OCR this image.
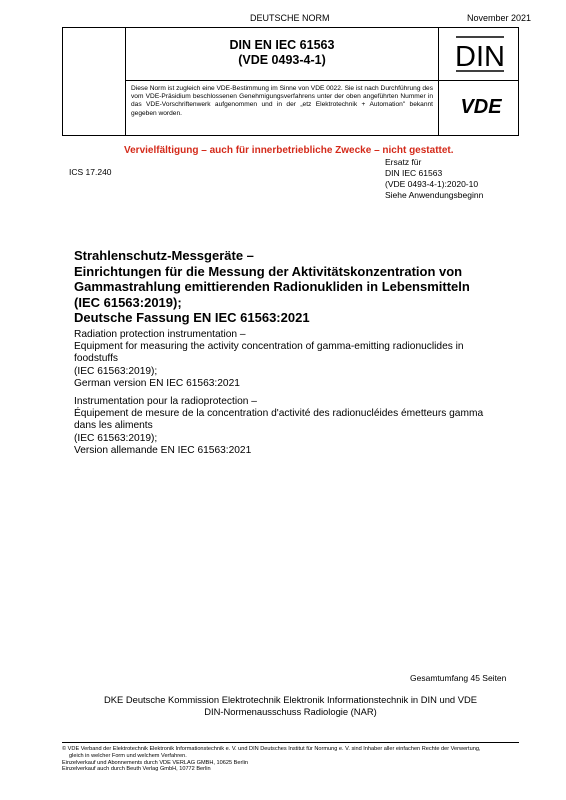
DEUTSCHE NORM	November 2021
DIN EN IEC 61563
(VDE 0493-4-1)	DIN
Diese Norm ist zugleich eine VDE-Bestimmung im Sinne von VDE 0022. Sie ist nach Durchführung des vom VDE-Präsidium beschlossenen Genehmigungsverfahrens unter der oben angeführten Nummer in das VDE-Vorschriftenwerk aufgenommen und in der „etz Elektrotechnik + Automation" bekannt gegeben worden.	VDE
Vervielfältigung – auch für innerbetriebliche Zwecke – nicht gestattet.
ICS 17.240
Ersatz für
DIN IEC 61563
(VDE 0493-4-1):2020-10
Siehe Anwendungsbeginn
Strahlenschutz-Messgeräte –
Einrichtungen für die Messung der Aktivitätskonzentration von
Gammastrahlung emittierenden Radionukliden in Lebensmitteln
(IEC 61563:2019);
Deutsche Fassung EN IEC 61563:2021
Radiation protection instrumentation –
Equipment for measuring the activity concentration of gamma-emitting radionuclides in
foodstuffs
(IEC 61563:2019);
German version EN IEC 61563:2021
Instrumentation pour la radioprotection –
Équipement de mesure de la concentration d'activité des radionucléides émetteurs gamma
dans les aliments
(IEC 61563:2019);
Version allemande EN IEC 61563:2021
Gesamtumfang 45 Seiten
DKE Deutsche Kommission Elektrotechnik Elektronik Informationstechnik in DIN und VDE
DIN-Normenausschuss Radiologie (NAR)
© VDE Verband der Elektrotechnik Elektronik Informationstechnik e. V. und DIN Deutsches Institut für Normung e. V. sind Inhaber aller einfachen Rechte der Verwertung,
gleich in welcher Form und welchem Verfahren.
Einzelverkauf und Abonnements durch VDE VERLAG GMBH, 10625 Berlin
Einzelverkauf auch durch Beuth Verlag GmbH, 10772 Berlin
